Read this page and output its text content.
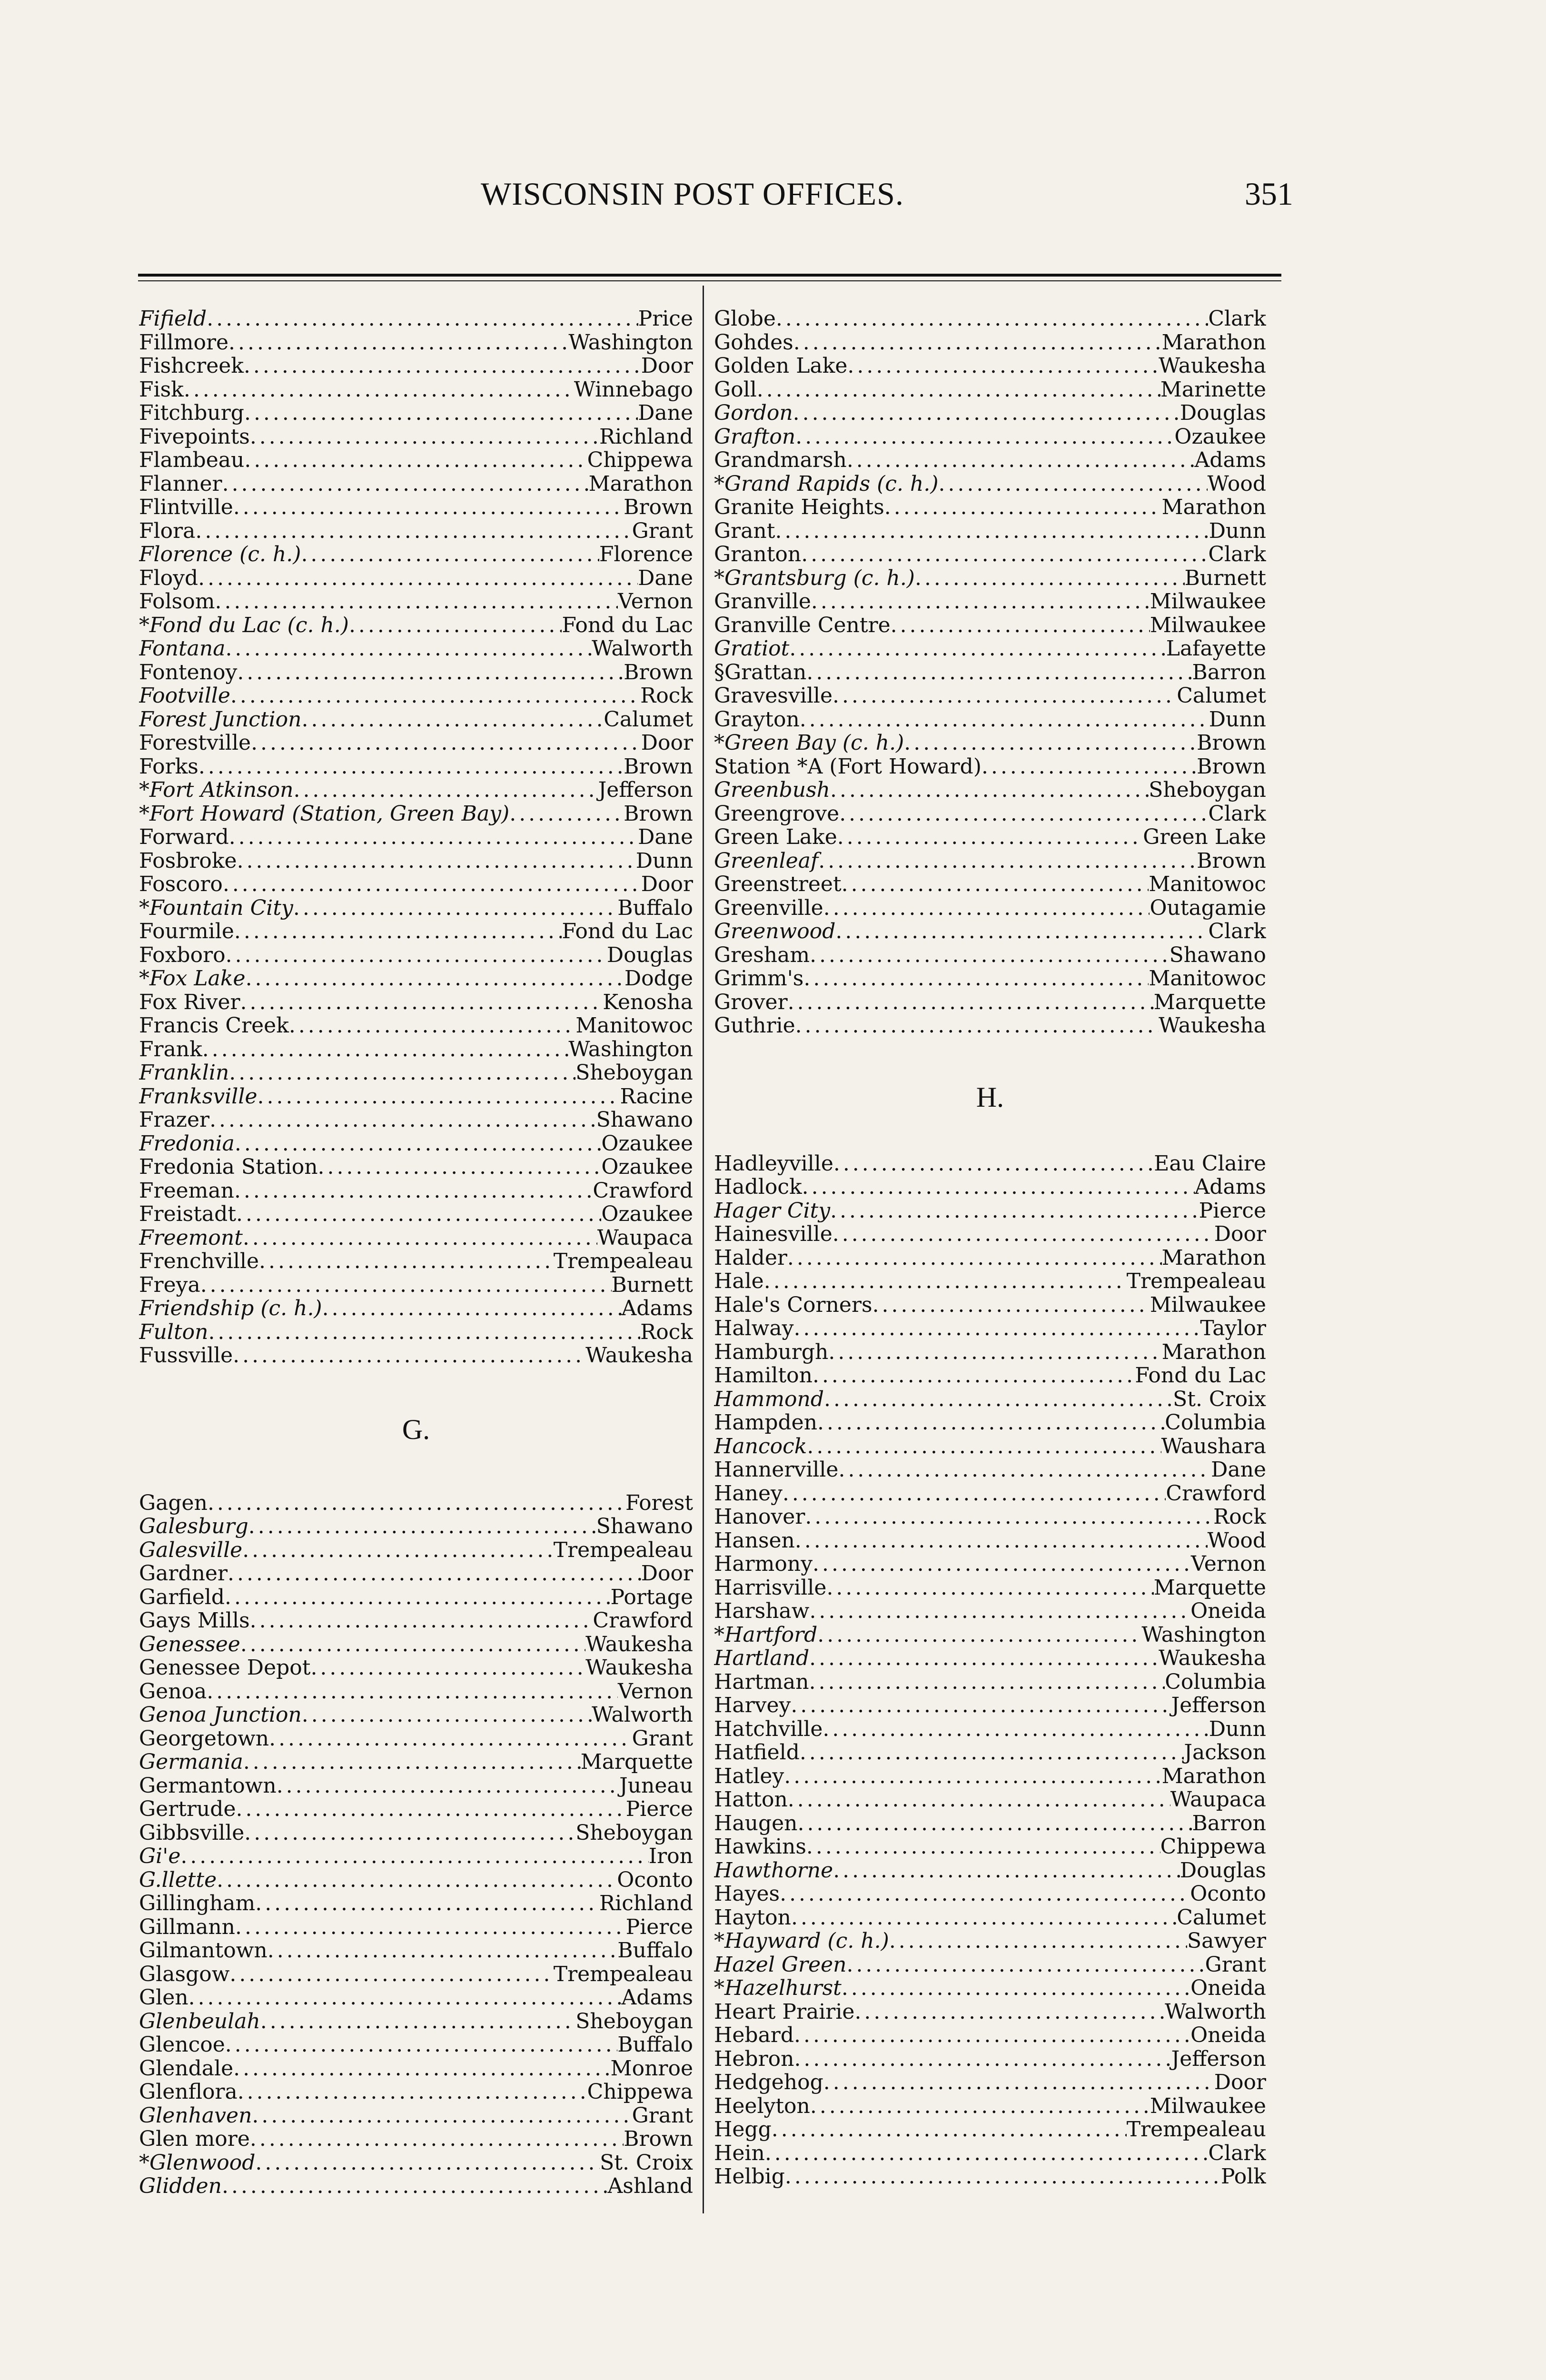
WISCONSIN POST OFFICES.	351
Fifield . . .	Price
Fillmore . . .	Washington
Fishcreek . . .	Door
Fisk . . .	Winnebago
Fitchburg . . .	Dane
Fivepoints . . .	Richland
Flambeau . . .	Chippewa
Flanner . . .	Marathon
Flintville . . .	Brown
Flora . . .	Grant
Florence (c. h.) . . .	Florence
Floyd . . .	Dane
Folsom . . .	Vernon
*Fond du Lac (c. h.) . . .	Fond du Lac
Fontana . . .	Walworth
Fontenoy . . .	Brown
Footville . . .	Rock
Forest Junction . . .	Calumet
Forestville . . .	Door
Forks . . .	Brown
*Fort Atkinson . . .	Jefferson
*Fort Howard (Station, Green Bay) . . .	Brown
Forward . . .	Dane
Fosbroke . . .	Dunn
Foscoro . . .	Door
*Fountain City . . .	Buffalo
Fourmile . . .	Fond du Lac
Foxboro . . .	Douglas
*Fox Lake . . .	Dodge
Fox River . . .	Kenosha
Francis Creek . . .	Manitowoc
Frank . . .	Washington
Franklin . . .	Sheboygan
Franksville . . .	Racine
Frazer . . .	Shawano
Fredonia . . .	Ozaukee
Fredonia Station . . .	Ozaukee
Freeman . . .	Crawford
Freistadt . . .	Ozaukee
Freemont . . .	Waupaca
Frenchville . . .	Trempealeau
Freya . . .	Burnett
Friendship (c. h.) . . .	Adams
Fulton . . .	Rock
Fussville . . .	Waukesha
G.
Gagen . . .	Forest
Galesburg . . .	Shawano
Galesville . . .	Trempealeau
Gardner . . .	Door
Garfield . . .	Portage
Gays Mills . . .	Crawford
Genessee . . .	Waukesha
Genessee Depot . . .	Waukesha
Genoa . . .	Vernon
Genoa Junction . . .	Walworth
Georgetown . . .	Grant
Germania . . .	Marquette
Germantown . . .	Juneau
Gertrude . . .	Pierce
Gibbsville . . .	Sheboygan
Gi'e . . .	Iron
G.llette . . .	Oconto
Gillingham . . .	Richland
Gillmann . . .	Pierce
Gilmantown . . .	Buffalo
Glasgow . . .	Trempealeau
Glen . . .	Adams
Glenbeulah . . .	Sheboygan
Glencoe . . .	Buffalo
Glendale . . .	Monroe
Glenflora . . .	Chippewa
Glenhaven . . .	Grant
Glen more . . .	Brown
*Glenwood . . .	St. Croix
Glidden . . .	Ashland
Globe . . .	Clark
Gohdes . . .	Marathon
Golden Lake . . .	Waukesha
Goll . . .	Marinette
Gordon . . .	Douglas
Grafton . . .	Ozaukee
Grandmarsh . . .	Adams
*Grand Rapids (c. h.) . . .	Wood
Granite Heights . . .	Marathon
Grant . . .	Dunn
Granton . . .	Clark
*Grantsburg (c. h.) . . .	Burnett
Granville . . .	Milwaukee
Granville Centre . . .	Milwaukee
Gratiot . . .	Lafayette
§Grattan . . .	Barron
Gravesville . . .	Calumet
Grayton . . .	Dunn
*Green Bay (c. h.) . . .	Brown
Station *A (Fort Howard) . . .	Brown
Greenbush . . .	Sheboygan
Greengrove . . .	Clark
Green Lake . . .	Green Lake
Greenleaf . . .	Brown
Greenstreet . . .	Manitowoc
Greenville . . .	Outagamie
Greenwood . . .	Clark
Gresham . . .	Shawano
Grimm's . . .	Manitowoc
Grover . . .	Marquette
Guthrie . . .	Waukesha
H.
Hadleyville . . .	Eau Claire
Hadlock . . .	Adams
Hager City . . .	Pierce
Hainesville . . .	Door
Halder . . .	Marathon
Hale . . .	Trempealeau
Hale's Corners . . .	Milwaukee
Halway . . .	Taylor
Hamburgh . . .	Marathon
Hamilton . . .	Fond du Lac
Hammond . . .	St. Croix
Hampden . . .	Columbia
Hancock . . .	Waushara
Hannerville . . .	Dane
Haney . . .	Crawford
Hanover . . .	Rock
Hansen . . .	Wood
Harmony . . .	Vernon
Harrisville . . .	Marquette
Harshaw . . .	Oneida
*Hartford . . .	Washington
Hartland . . .	Waukesha
Hartman . . .	Columbia
Harvey . . .	Jefferson
Hatchville . . .	Dunn
Hatfield . . .	Jackson
Hatley . . .	Marathon
Hatton . . .	Waupaca
Haugen . . .	Barron
Hawkins . . .	Chippewa
Hawthorne . . .	Douglas
Hayes . . .	Oconto
Hayton . . .	Calumet
*Hayward (c. h.) . . .	Sawyer
Hazel Green . . .	Grant
*Hazelhurst . . .	Oneida
Heart Prairie . . .	Walworth
Hebard . . .	Oneida
Hebron . . .	Jefferson
Hedgehog . . .	Door
Heelyton . . .	Milwaukee
Hegg . . .	Trempealeau
Hein . . .	Clark
Helbig . . .	Polk
